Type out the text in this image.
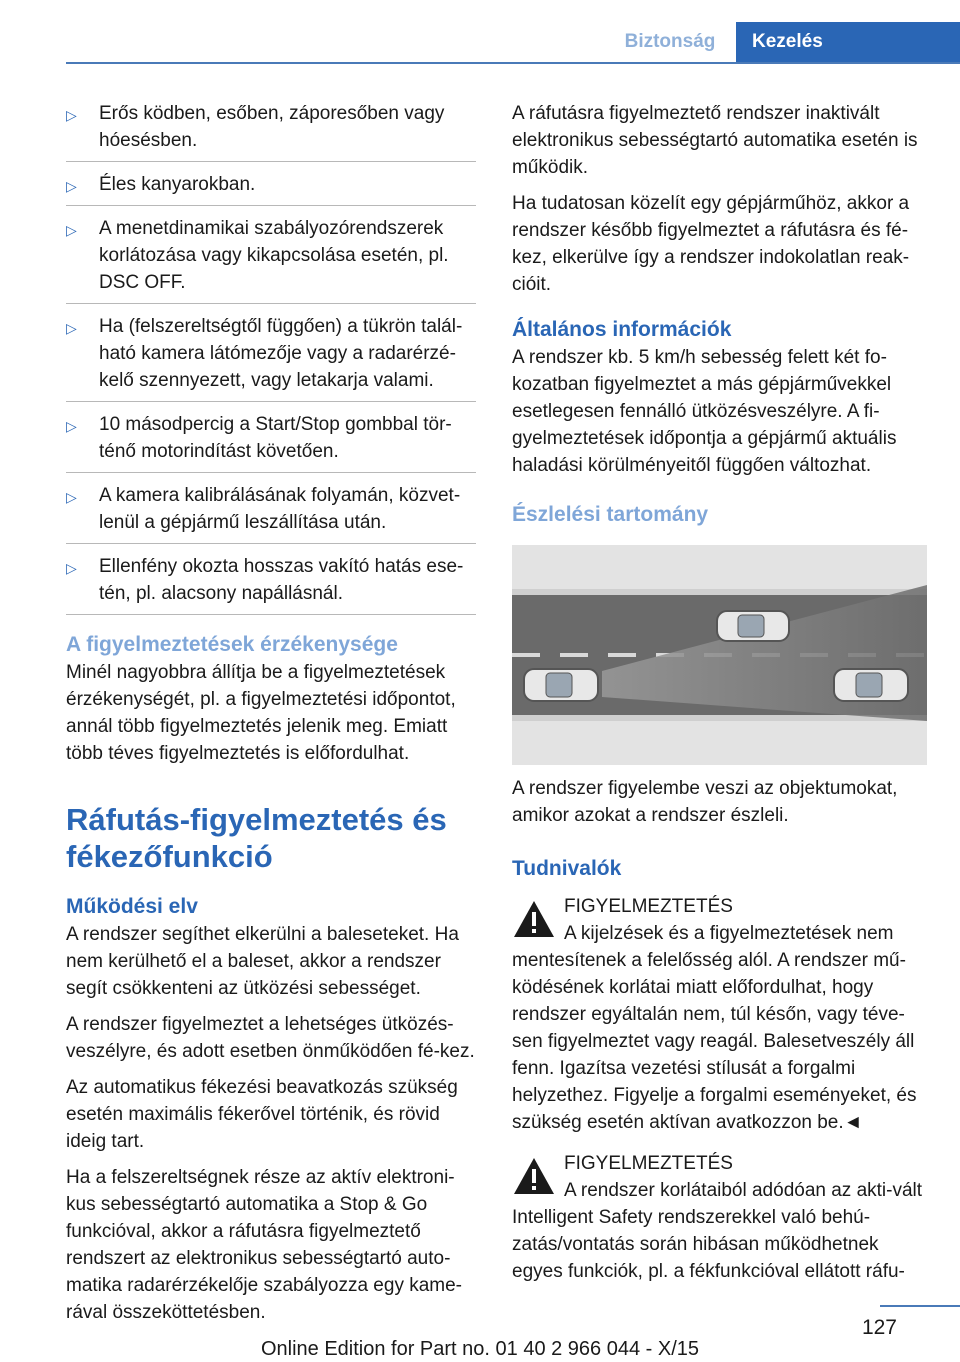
Biztonság	Kezelés
▷ Erős ködben, esőben, záporesőben vagy hóesésben.
▷ Éles kanyarokban.
▷ A menetdinamikai szabályozórendszerek korlátozása vagy kikapcsolása esetén, pl. DSC OFF.
▷ Ha (felszereltségtől függően) a tükrön talál-ható kamera látómezője vagy a radarérzé-kelő szennyezett, vagy letakarja valami.
▷ 10 másodpercig a Start/Stop gombbal tör-ténő motorindítást követően.
▷ A kamera kalibrálásának folyamán, közvet-lenül a gépjármű leszállítása után.
▷ Ellenfény okozta hosszas vakító hatás ese-tén, pl. alacsony napállásnál.
A figyelmeztetések érzékenysége

Minél nagyobbra állítja be a figyelmeztetések érzékenységét, pl. a figyelmeztetési időpontot, annál több figyelmeztetés jelenik meg. Emiatt több téves figyelmeztetés is előfordulhat.

Ráfutás-figyelmeztetés és fékezőfunkció
Működési elv

A rendszer segíthet elkerülni a baleseteket. Ha nem kerülhető el a baleset, akkor a rendszer segít csökkenteni az ütközési sebességet.

A rendszer figyelmeztet a lehetséges ütközés-veszélyre, és adott esetben önműködően fé-kez.

Az automatikus fékezési beavatkozás szükség esetén maximális fékerővel történik, és rövid ideig tart.

Ha a felszereltségnek része az aktív elektroni-kus sebességtartó automatika a Stop & Go funkcióval, akkor a ráfutásra figyelmeztető rendszert az elektronikus sebességtartó auto-matika radarérzékelője szabályozza egy kame-rával összeköttetésben.

A ráfutásra figyelmeztető rendszer inaktivált elektronikus sebességtartó automatika esetén is működik.

Ha tudatosan közelít egy gépjárműhöz, akkor a rendszer később figyelmeztet a ráfutásra és fé-kez, elkerülve így a rendszer indokolatlan reak-cióit.

Általános információk

A rendszer kb. 5 km/h sebesség felett két fo-kozatban figyelmeztet a más gépjárművekkel esetlegesen fennálló ütközésveszélyre. A fi-gyelmeztetések időpontja a gépjármű aktuális haladási körülményeitől függően változhat.

Észlelési tartomány

A rendszer figyelembe veszi az objektumokat, amikor azokat a rendszer észleli.

Tudnivalók
FIGYELMEZTETÉS

A kijelzések és a figyelmeztetések nem mentesítenek a felelősség alól. A rendszer mű-ködésének korlátai miatt előfordulhat, hogy rendszer egyáltalán nem, túl későn, vagy téve-sen figyelmeztet vagy reagál. Balesetveszély áll fenn. Igazítsa vezetési stílusát a forgalmi helyzethez. Figyelje a forgalmi eseményeket, és szükség esetén aktívan avatkozzon be.◄

FIGYELMEZTETÉS

A rendszer korlátaiból adódóan az akti-vált Intelligent Safety rendszerekkel való behú-zatás/vontatás során hibásan működhetnek egyes funkciók, pl. a fékfunkcióval ellátott ráfu-

127
Online Edition for Part no. 01 40 2 966 044 - X/15
